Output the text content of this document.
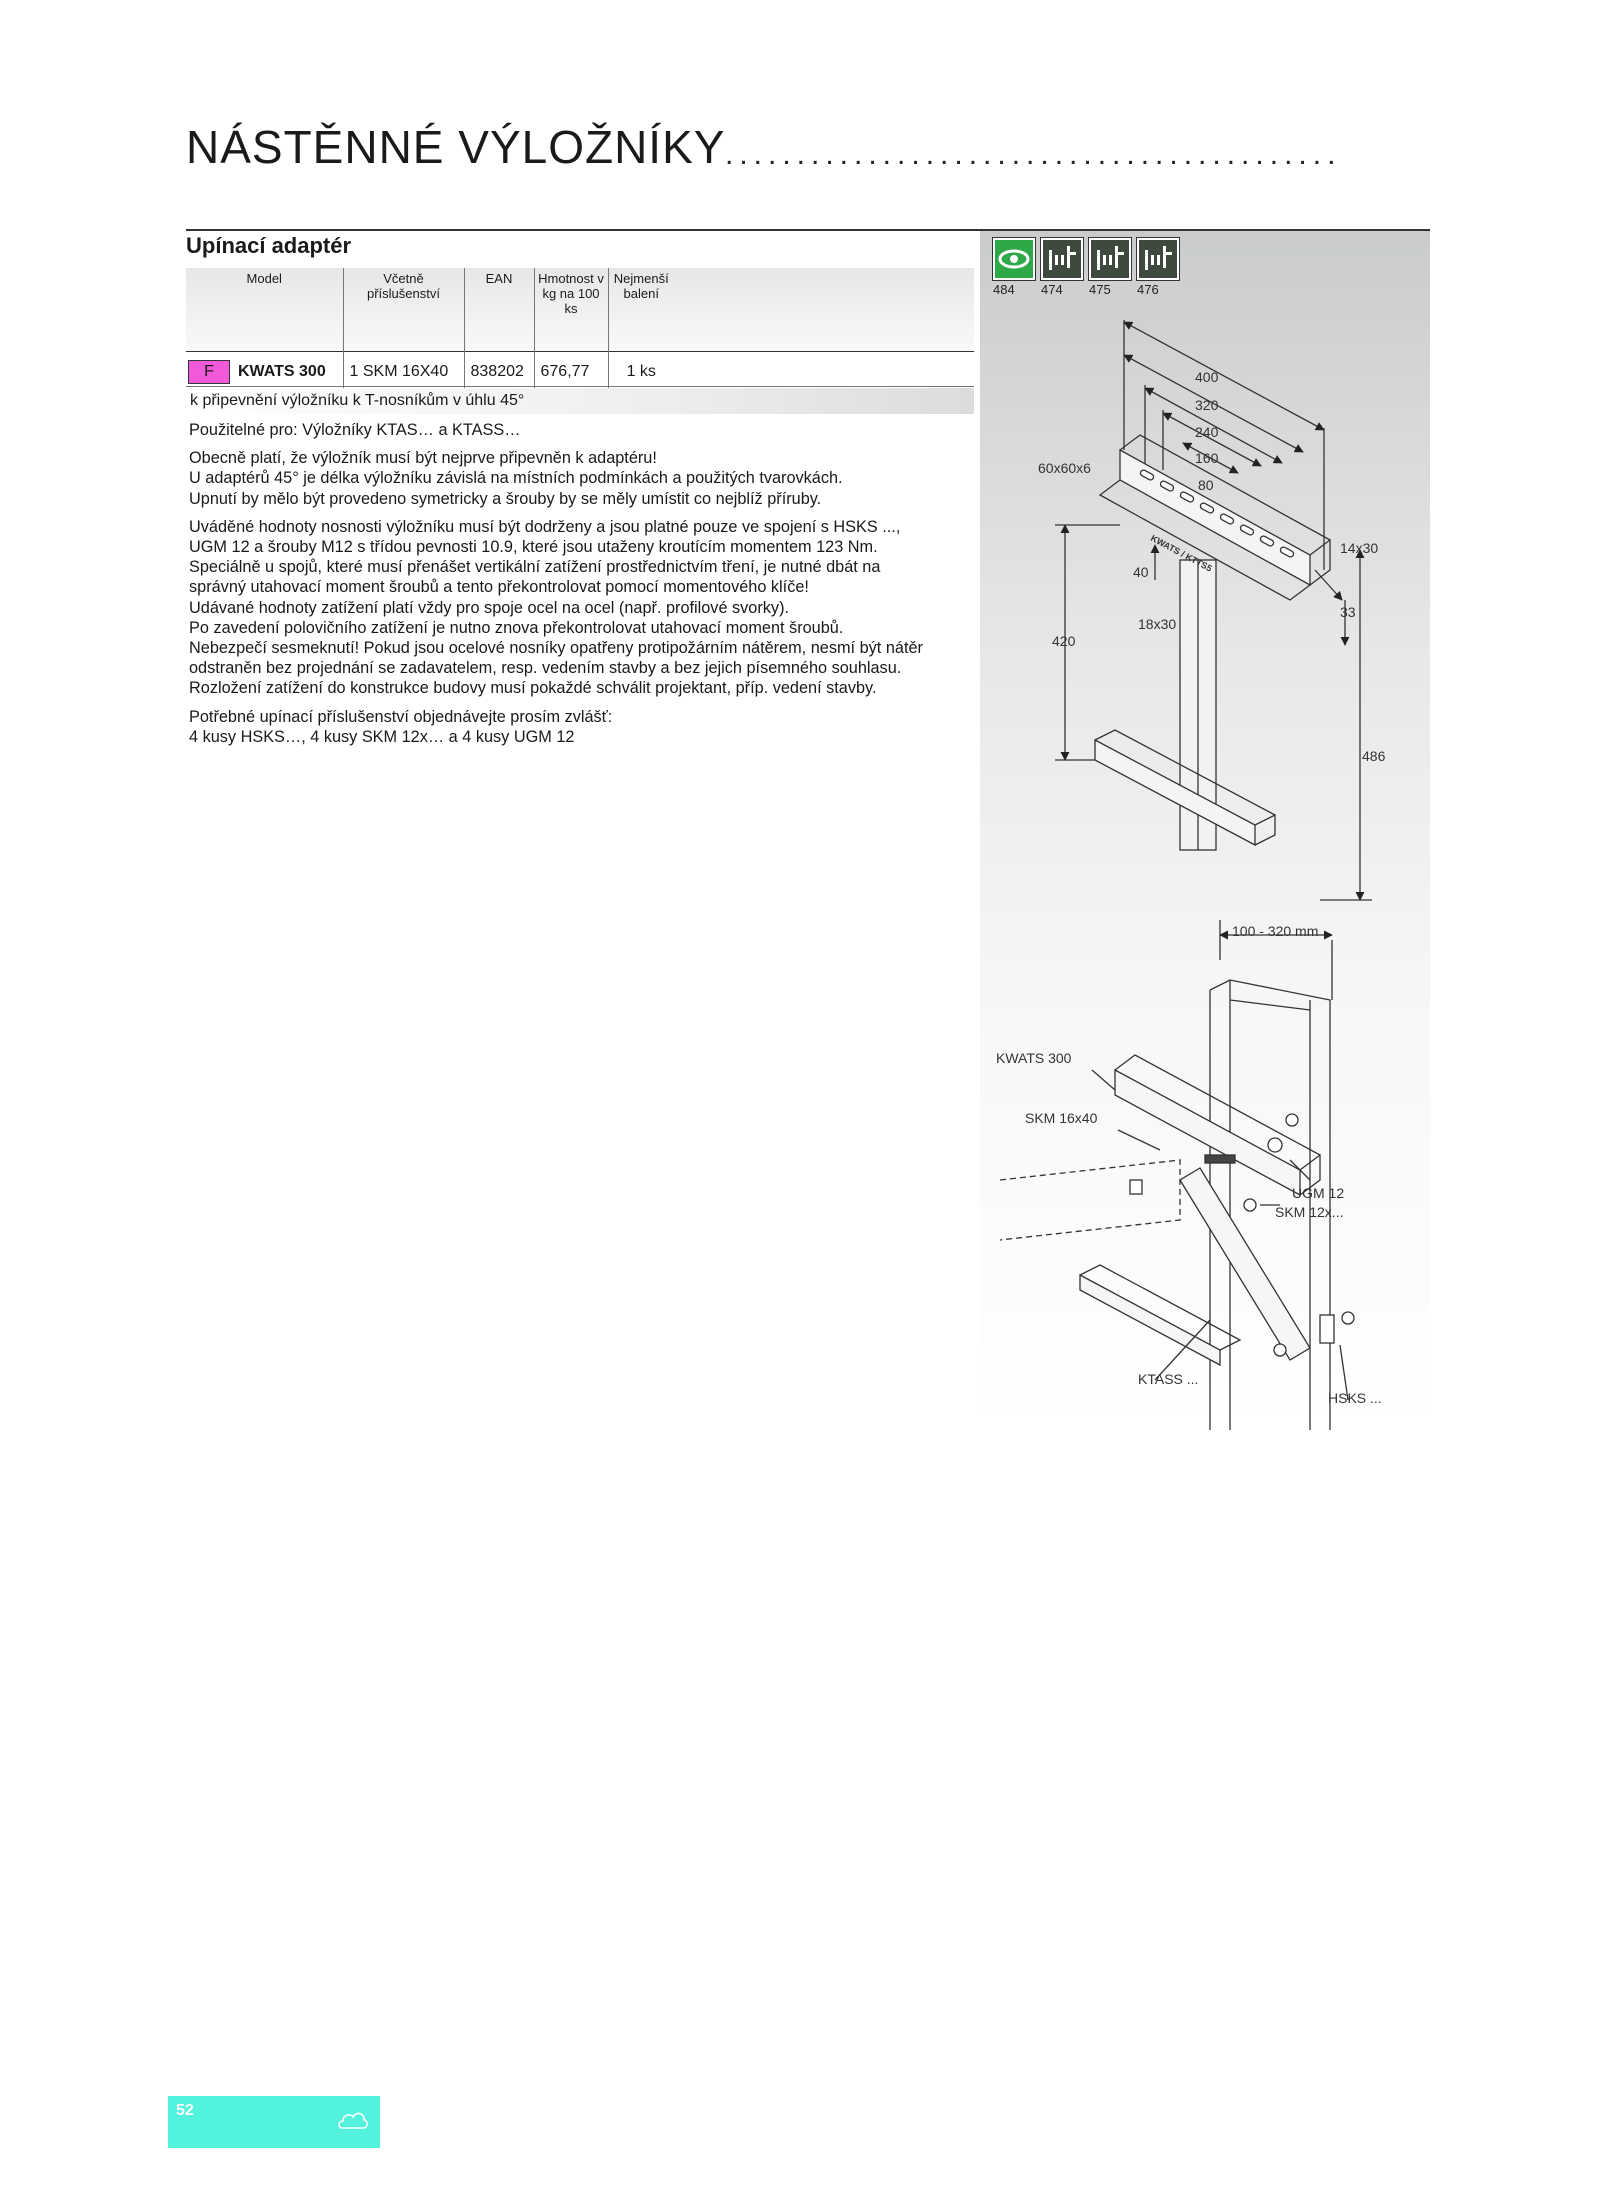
NÁSTĚNNÉ VÝLOŽNÍKY ...........................................
Upínací adaptér
484	474	475	476
Model	Včetně příslušenství	EAN	Hmotnost v kg na 100 ks	Nejmenší balení	
F KWATS 300	1 SKM 16X40	838202	676,77	1 ks	
k připevnění výložníku k T-nosníkům v úhlu 45°

Použitelné pro: Výložníky KTAS… a KTASS…

Obecně platí, že výložník musí být nejprve připevněn k adaptéru!
U adaptérů 45° je délka výložníku závislá na místních podmínkách a použitých tvarovkách.
Upnutí by mělo být provedeno symetricky a šrouby by se měly umístit co nejblíž příruby.

Uváděné hodnoty nosnosti výložníku musí být dodrženy a jsou platné pouze ve spojení s HSKS ...,
UGM 12 a šrouby M12 s třídou pevnosti 10.9, které jsou utaženy kroutícím momentem 123 Nm.
Speciálně u spojů, které musí přenášet vertikální zatížení prostřednictvím tření, je nutné dbát na
správný utahovací moment šroubů a tento překontrolovat pomocí momentového klíče!
Udávané hodnoty zatížení platí vždy pro spoje ocel na ocel (např. profilové svorky).
Po zavedení polovičního zatížení je nutno znova překontrolovat utahovací moment šroubů.
Nebezpečí sesmeknutí! Pokud jsou ocelové nosníky opatřeny protipožárním nátěrem, nesmí být nátěr
odstraněn bez projednání se zadavatelem, resp. vedením stavby a bez jejich písemného souhlasu.
Rozložení zatížení do konstrukce budovy musí pokaždé schválit projektant, příp. vedení stavby.

Potřebné upínací příslušenství objednávejte prosím zvlášť:
4 kusy HSKS…, 4 kusy SKM 12x… a 4 kusy UGM 12

400
320
240
160
80
60x60x6
14x30
40
33
18x30
420
486
KWATS / KTTS5
100 - 320 mm
KWATS 300
SKM 16x40
UGM 12
SKM 12x...
KTASS ...
HSKS ...
52
